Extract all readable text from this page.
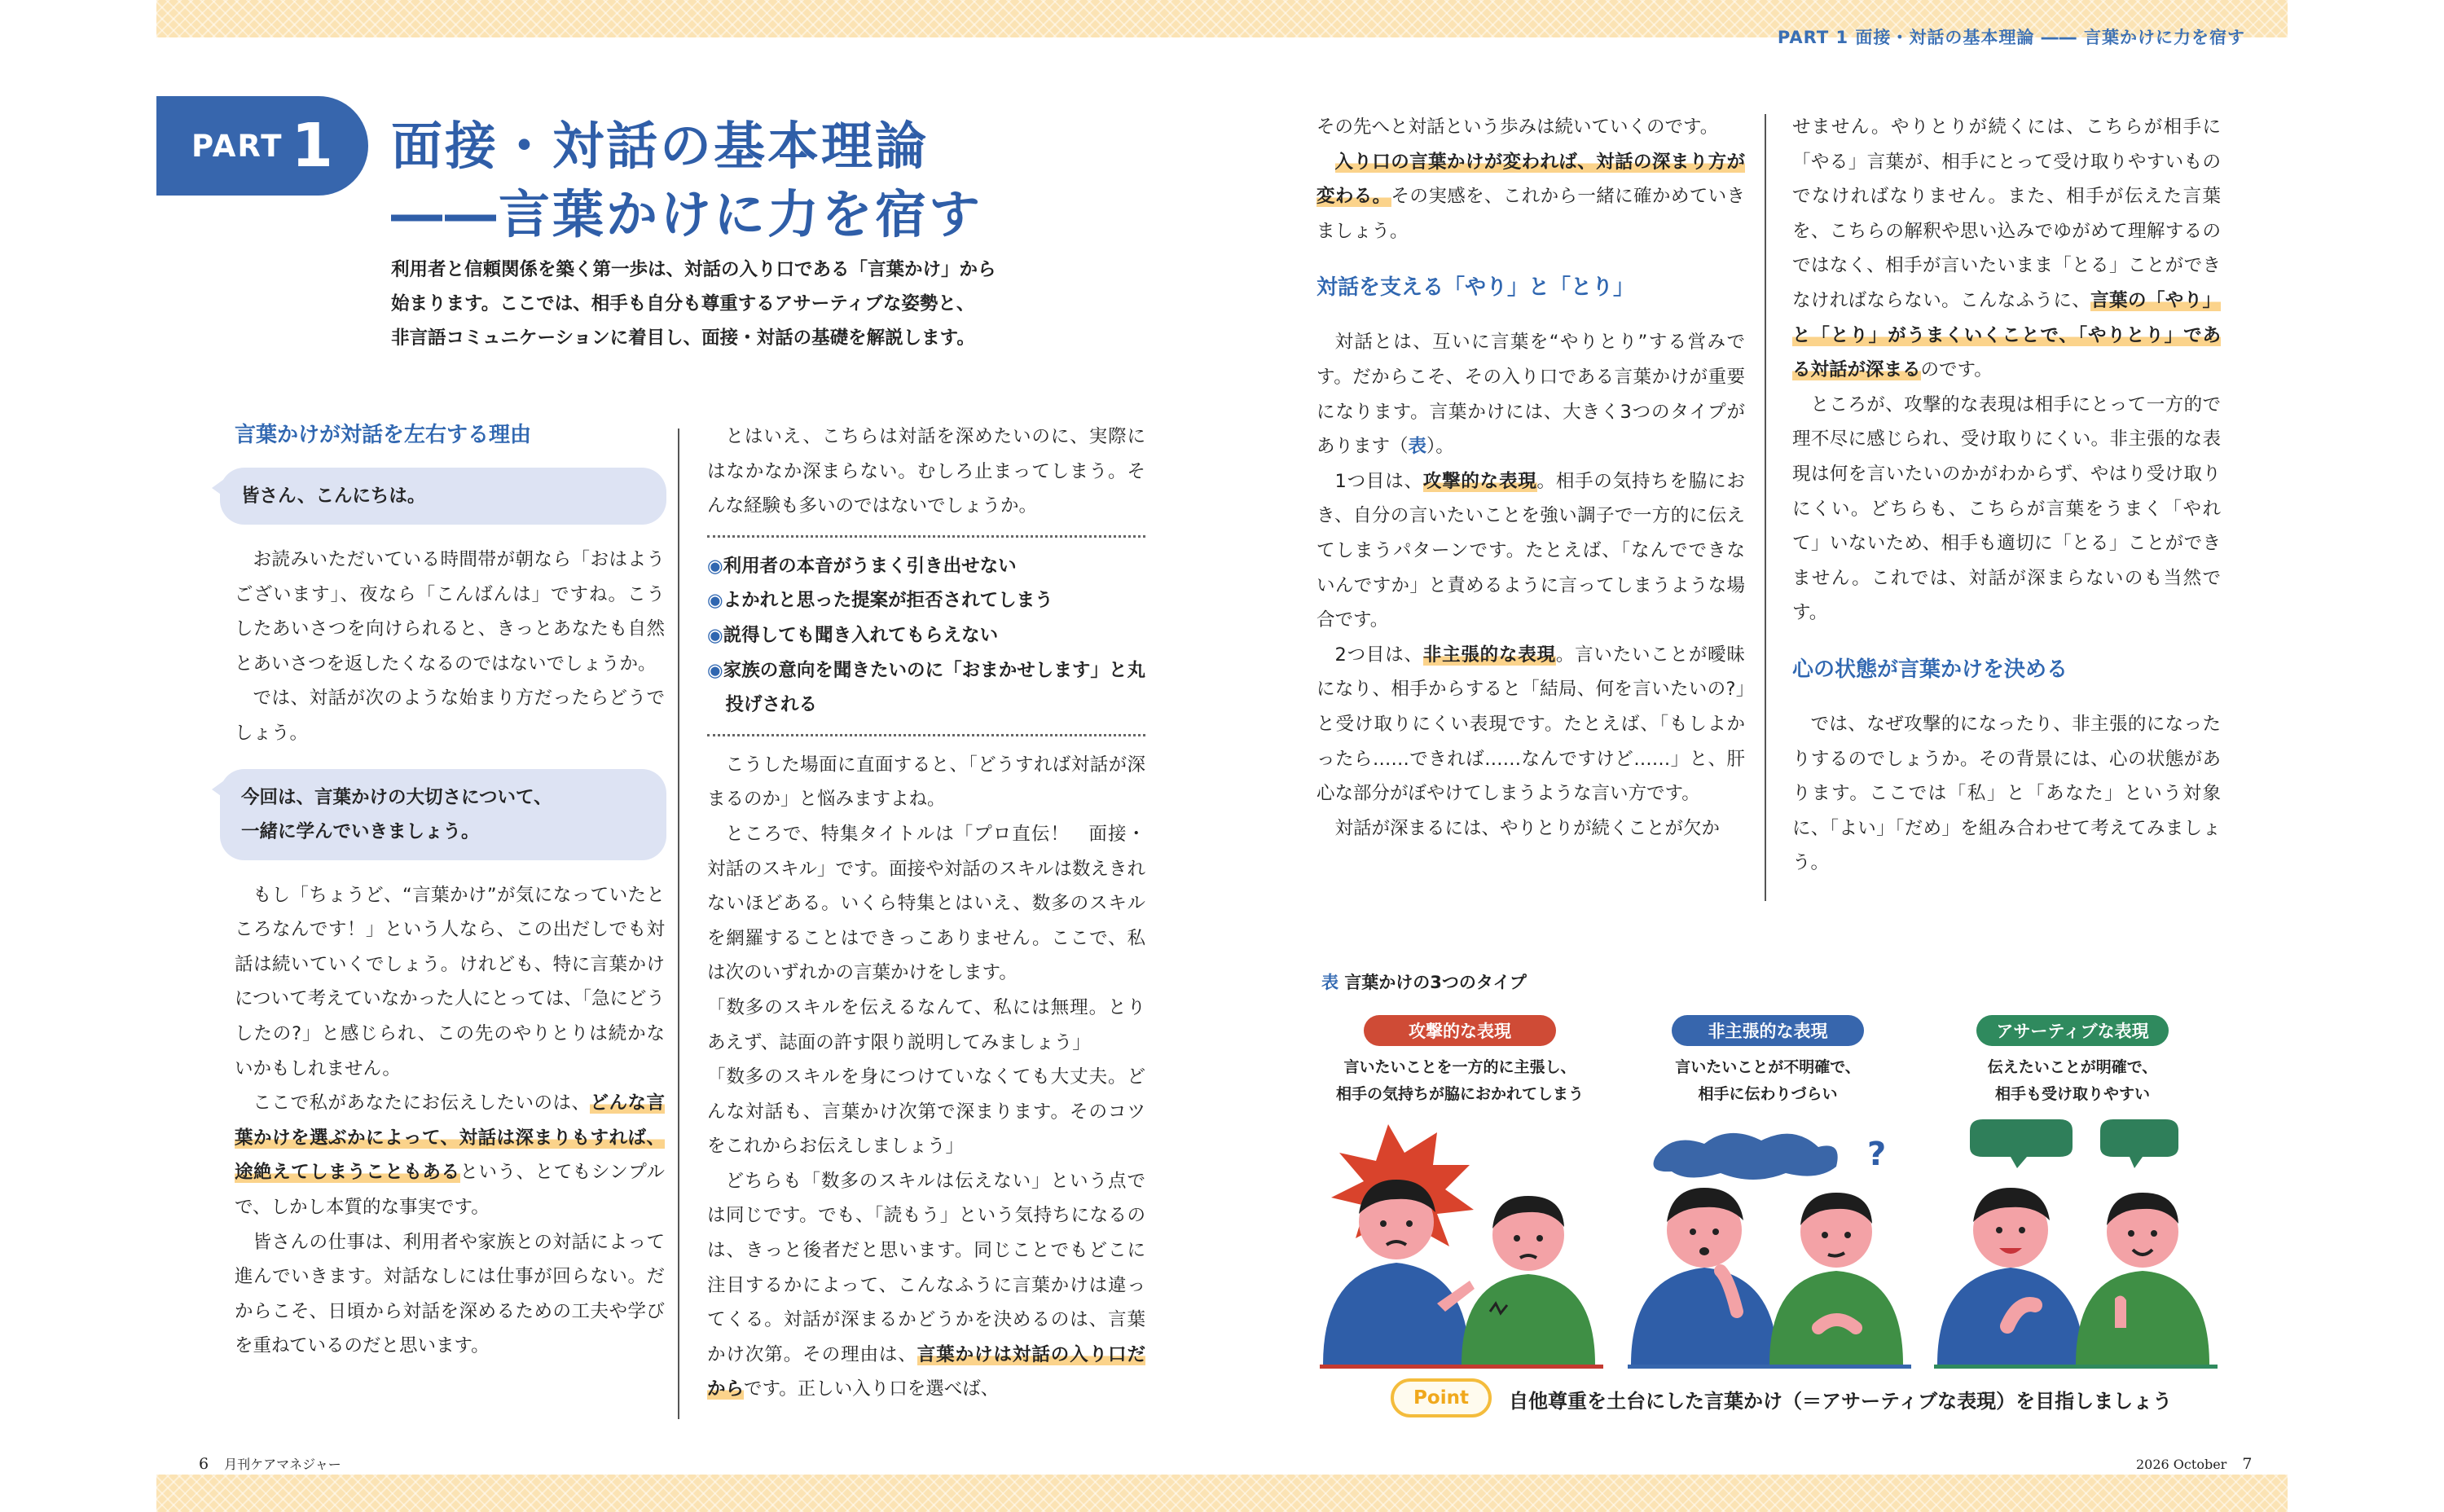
PART 1 面接・対話の基本理論 ―― 言葉かけに力を宿す
PART 1 面接・対話の基本理論
――言葉かけに力を宿す
利用者と信頼関係を築く第一歩は、対話の入り口である「言葉かけ」から
始まります。ここでは、相手も自分も尊重するアサーティブな姿勢と、
非言語コミュニケーションに着目し、面接・対話の基礎を解説します。
言葉かけが対話を左右する理由
皆さん、こんにちは。

お読みいただいている時間帯が朝なら「おはようございます」、夜なら「こんばんは」ですね。こうしたあいさつを向けられると、きっとあなたも自然とあいさつを返したくなるのではないでしょうか。

では、対話が次のような始まり方だったらどうでしょう。

今回は、言葉かけの大切さについて、
一緒に学んでいきましょう。

もし「ちょうど、“言葉かけ”が気になっていたところなんです！」という人なら、この出だしでも対話は続いていくでしょう。けれども、特に言葉かけについて考えていなかった人にとっては、「急にどうしたの?」と感じられ、この先のやりとりは続かないかもしれません。

ここで私があなたにお伝えしたいのは、どんな言葉かけを選ぶかによって、対話は深まりもすれば、途絶えてしまうこともあるという、とてもシンプルで、しかし本質的な事実です。

皆さんの仕事は、利用者や家族との対話によって進んでいきます。対話なしには仕事が回らない。だからこそ、日頃から対話を深めるための工夫や学びを重ねているのだと思います。

とはいえ、こちらは対話を深めたいのに、実際にはなかなか深まらない。むしろ止まってしまう。そんな経験も多いのではないでしょうか。

◉利用者の本音がうまく引き出せない
◉よかれと思った提案が拒否されてしまう
◉説得しても聞き入れてもらえない
◉家族の意向を聞きたいのに「おまかせします」と丸投げされる

こうした場面に直面すると、「どうすれば対話が深まるのか」と悩みますよね。

ところで、特集タイトルは「プロ直伝！　面接・対話のスキル」です。面接や対話のスキルは数えきれないほどある。いくら特集とはいえ、数多のスキルを網羅することはできっこありません。ここで、私は次のいずれかの言葉かけをします。

「数多のスキルを伝えるなんて、私には無理。とりあえず、誌面の許す限り説明してみましょう」

「数多のスキルを身につけていなくても大丈夫。どんな対話も、言葉かけ次第で深まります。そのコツをこれからお伝えしましょう」

どちらも「数多のスキルは伝えない」という点では同じです。でも、「読もう」という気持ちになるのは、きっと後者だと思います。同じことでもどこに注目するかによって、こんなふうに言葉かけは違ってくる。対話が深まるかどうかを決めるのは、言葉かけ次第。その理由は、言葉かけは対話の入り口だからです。正しい入り口を選べば、

その先へと対話という歩みは続いていくのです。

入り口の言葉かけが変われば、対話の深まり方が変わる。その実感を、これから一緒に確かめていきましょう。

対話を支える「やり」と「とり」

対話とは、互いに言葉を“やりとり”する営みです。だからこそ、その入り口である言葉かけが重要になります。言葉かけには、大きく3つのタイプがあります（表）。

1つ目は、攻撃的な表現。相手の気持ちを脇におき、自分の言いたいことを強い調子で一方的に伝えてしまうパターンです。たとえば、「なんでできないんですか」と責めるように言ってしまうような場合です。

2つ目は、非主張的な表現。言いたいことが曖昧になり、相手からすると「結局、何を言いたいの?」と受け取りにくい表現です。たとえば、「もしよかったら……できれば……なんですけど……」と、肝心な部分がぼやけてしまうような言い方です。

対話が深まるには、やりとりが続くことが欠か

せません。やりとりが続くには、こちらが相手に「やる」言葉が、相手にとって受け取りやすいものでなければなりません。また、相手が伝えた言葉を、こちらの解釈や思い込みでゆがめて理解するのではなく、相手が言いたいまま「とる」ことができなければならない。こんなふうに、言葉の「やり」と「とり」がうまくいくことで、「やりとり」である対話が深まるのです。

ところが、攻撃的な表現は相手にとって一方的で理不尽に感じられ、受け取りにくい。非主張的な表現は何を言いたいのかがわからず、やはり受け取りにくい。どちらも、こちらが言葉をうまく「やれて」いないため、相手も適切に「とる」ことができません。これでは、対話が深まらないのも当然です。

心の状態が言葉かけを決める

では、なぜ攻撃的になったり、非主張的になったりするのでしょうか。その背景には、心の状態があります。ここでは「私」と「あなた」という対象に、「よい」「だめ」を組み合わせて考えてみましょう。

表 言葉かけの3つのタイプ
攻撃的な表現	非主張的な表現	アサーティブな表現
言いたいことを一方的に主張し、
相手の気持ちが脇におかれてしまう
言いたいことが不明確で、
相手に伝わりづらい
伝えたいことが明確で、
相手も受け取りやすい
?
Point	自他尊重を土台にした言葉かけ（＝アサーティブな表現）を目指しましょう
6　 月刊ケアマネジャー	2026 October　 7
